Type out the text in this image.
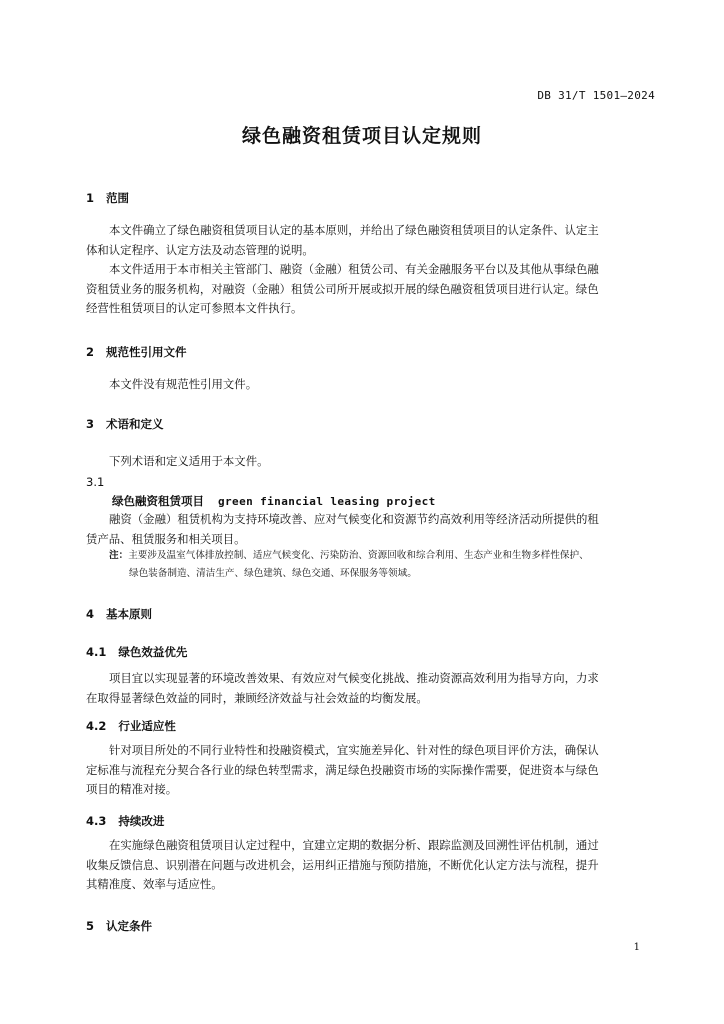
DB 31/T 1501—2024
绿色融资租赁项目认定规则
1 范围
本文件确立了绿色融资租赁项目认定的基本原则，并给出了绿色融资租赁项目的认定条件、认定主
体和认定程序、认定方法及动态管理的说明。
本文件适用于本市相关主管部门、融资（金融）租赁公司、有关金融服务平台以及其他从事绿色融
资租赁业务的服务机构，对融资（金融）租赁公司所开展或拟开展的绿色融资租赁项目进行认定。绿色
经营性租赁项目的认定可参照本文件执行。
2 规范性引用文件
本文件没有规范性引用文件。
3 术语和定义
下列术语和定义适用于本文件。
3.1
绿色融资租赁项目 green financial leasing project
融资（金融）租赁机构为支持环境改善、应对气候变化和资源节约高效利用等经济活动所提供的租
赁产品、租赁服务和相关项目。
注：主要涉及温室气体排放控制、适应气候变化、污染防治、资源回收和综合利用、生态产业和生物多样性保护、
绿色装备制造、清洁生产、绿色建筑、绿色交通、环保服务等领域。
4 基本原则
4.1 绿色效益优先
项目宜以实现显著的环境改善效果、有效应对气候变化挑战、推动资源高效利用为指导方向，力求
在取得显著绿色效益的同时，兼顾经济效益与社会效益的均衡发展。
4.2 行业适应性
针对项目所处的不同行业特性和投融资模式，宜实施差异化、针对性的绿色项目评价方法，确保认
定标准与流程充分契合各行业的绿色转型需求，满足绿色投融资市场的实际操作需要，促进资本与绿色
项目的精准对接。
4.3 持续改进
在实施绿色融资租赁项目认定过程中，宜建立定期的数据分析、跟踪监测及回溯性评估机制，通过
收集反馈信息、识别潜在问题与改进机会，运用纠正措施与预防措施，不断优化认定方法与流程，提升
其精准度、效率与适应性。
5 认定条件
1
